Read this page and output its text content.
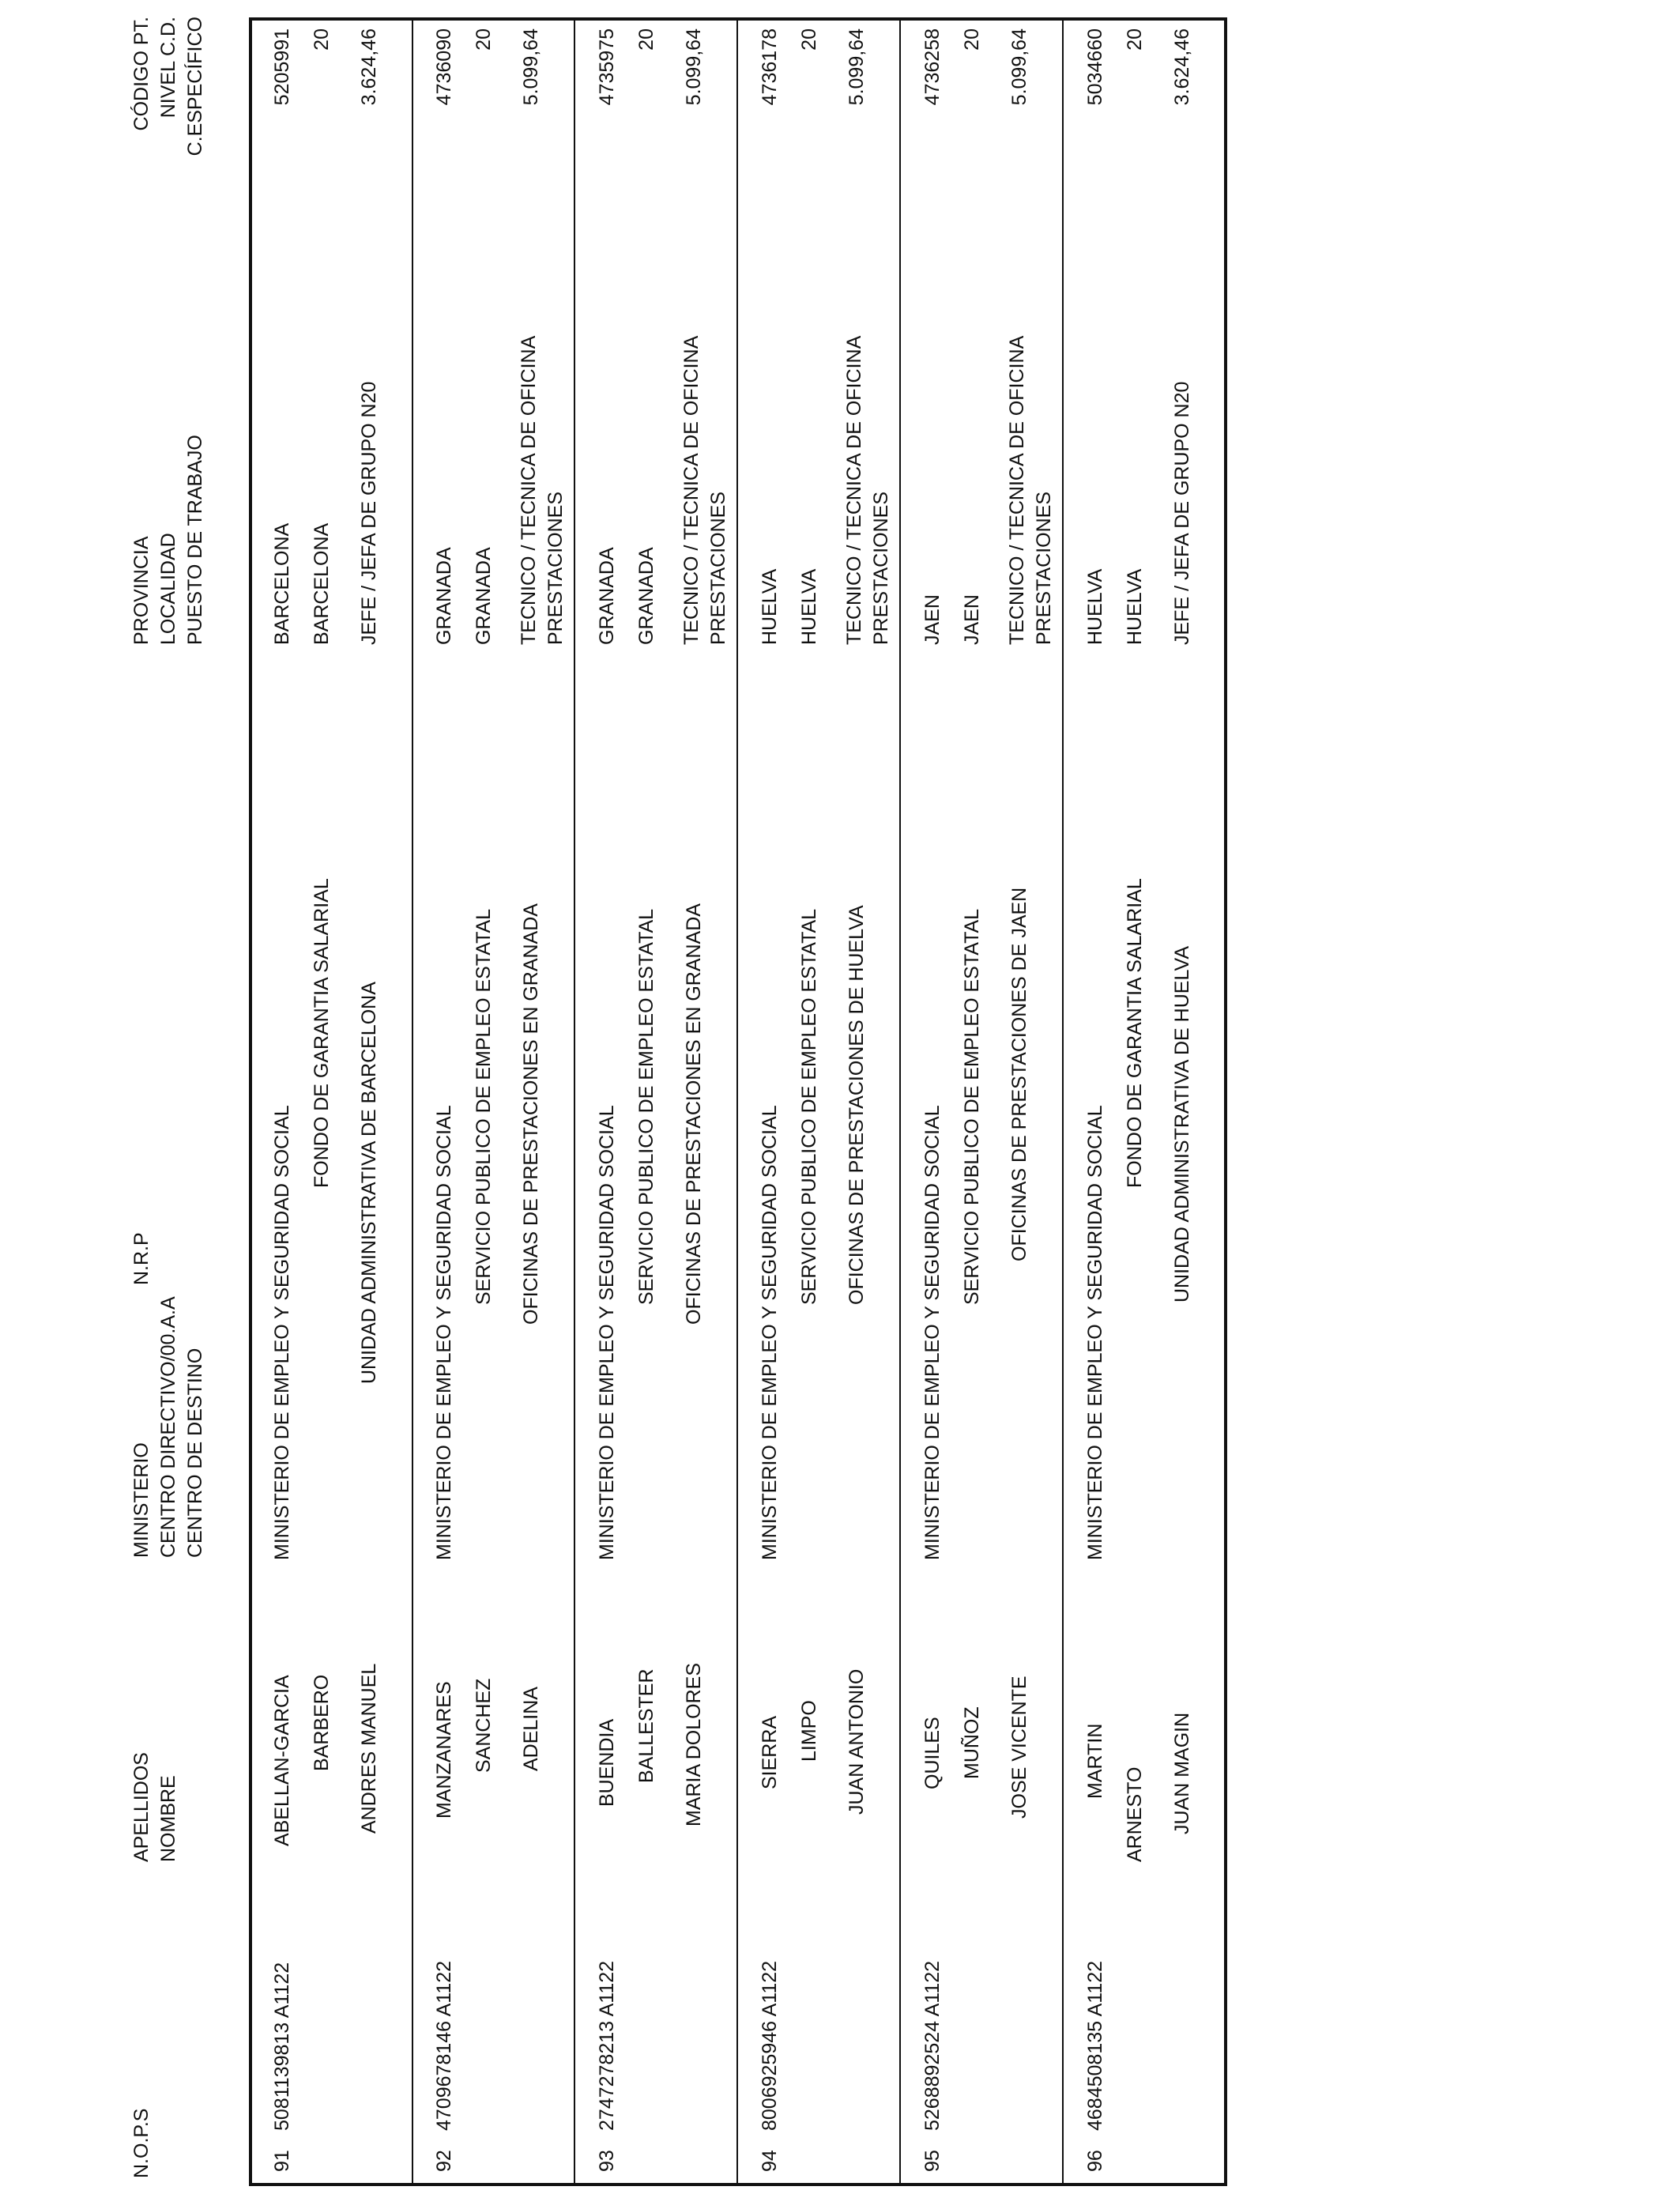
N.O.P.S
N.R.P
APELLIDOS NOMBRE
MINISTERIO CENTRO DIRECTIVO/00.A.A CENTRO DE DESTINO
PROVINCIA LOCALIDAD PUESTO DE TRABAJO
CÓDIGO PT. NIVEL C.D. C.ESPECÍFICO
91
5081139813 A1122
ABELLAN-GARCIA BARBERO ANDRES MANUEL
MINISTERIO DE EMPLEO Y SEGURIDAD SOCIAL
FONDO DE GARANTIA SALARIAL UNIDAD ADMINISTRATIVA DE BARCELONA
BARCELONA BARCELONA JEFE / JEFA DE GRUPO N20
5205991 20 3.624,46
92
4709678146 A1122
MANZANARES SANCHEZ ADELINA
MINISTERIO DE EMPLEO Y SEGURIDAD SOCIAL SERVICIO PUBLICO DE EMPLEO ESTATAL OFICINAS DE PRESTACIONES EN GRANADA
GRANADA GRANADA TECNICO / TECNICA DE OFICINA PRESTACIONES
4736090 20 5.099,64
93
2747278213 A1122
BUENDIA BALLESTER MARIA DOLORES
MINISTERIO DE EMPLEO Y SEGURIDAD SOCIAL SERVICIO PUBLICO DE EMPLEO ESTATAL OFICINAS DE PRESTACIONES EN GRANADA
GRANADA GRANADA TECNICO / TECNICA DE OFICINA PRESTACIONES
4735975 20 5.099,64
94
8006925946 A1122
SIERRA LIMPO JUAN ANTONIO
MINISTERIO DE EMPLEO Y SEGURIDAD SOCIAL SERVICIO PUBLICO DE EMPLEO ESTATAL OFICINAS DE PRESTACIONES DE HUELVA
HUELVA HUELVA TECNICO / TECNICA DE OFICINA PRESTACIONES
4736178 20 5.099,64
95
5268892524 A1122
QUILES MUÑOZ JOSE VICENTE
MINISTERIO DE EMPLEO Y SEGURIDAD SOCIAL SERVICIO PUBLICO DE EMPLEO ESTATAL OFICINAS DE PRESTACIONES DE JAEN
JAEN JAEN TECNICO / TECNICA DE OFICINA PRESTACIONES
4736258 20 5.099,64
96
4684508135 A1122
MARTIN
ARNESTO JUAN MAGIN
MINISTERIO DE EMPLEO Y SEGURIDAD SOCIAL
FONDO DE GARANTIA SALARIAL UNIDAD ADMINISTRATIVA DE HUELVA
HUELVA HUELVA JEFE / JEFA DE GRUPO N20
5034660 20 3.624,46
